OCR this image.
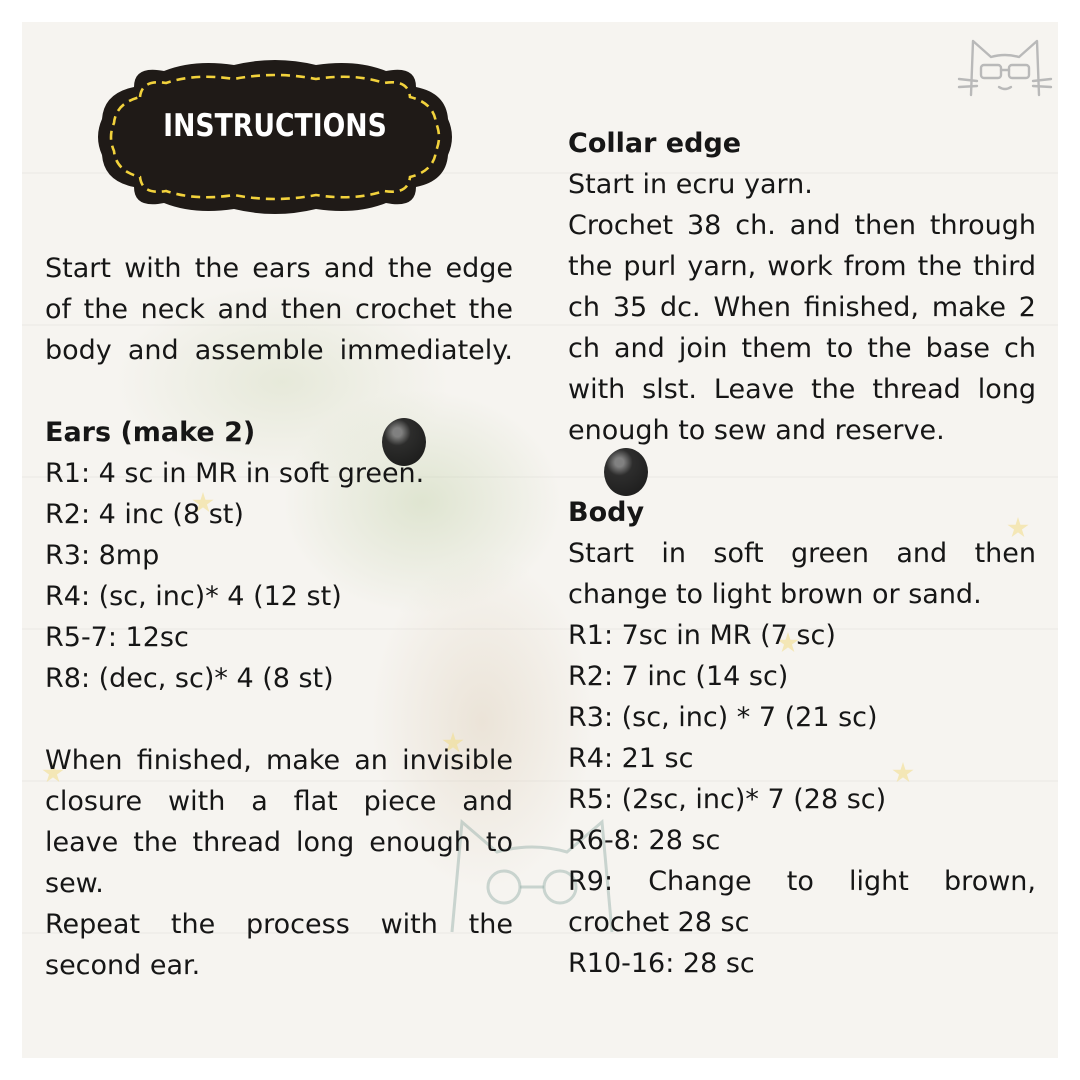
INSTRUCTIONS
Start with the ears and the edge
of the neck and then crochet the
body and assemble immediately.
Ears (make 2)
R1: 4 sc in MR in soft green.
R2: 4 inc (8 st)
R3: 8mp
R4: (sc, inc)* 4 (12 st)
R5-7: 12sc
R8: (dec, sc)* 4 (8 st)
When finished, make an invisible
closure with a flat piece and
leave the thread long enough to
sew.
Repeat the process with the
second ear.
Collar edge
Start in ecru yarn.
Crochet 38 ch. and then through
the purl yarn, work from the third
ch 35 dc. When finished, make 2
ch and join them to the base ch
with slst. Leave the thread long
enough to sew and reserve.
Body
Start in soft green and then
change to light brown or sand.
R1: 7sc in MR (7 sc)
R2: 7 inc (14 sc)
R3: (sc, inc) * 7 (21 sc)
R4: 21 sc
R5: (2sc, inc)* 7 (28 sc)
R6-8: 28 sc
R9: Change to light brown,
crochet 28 sc
R10-16: 28 sc
